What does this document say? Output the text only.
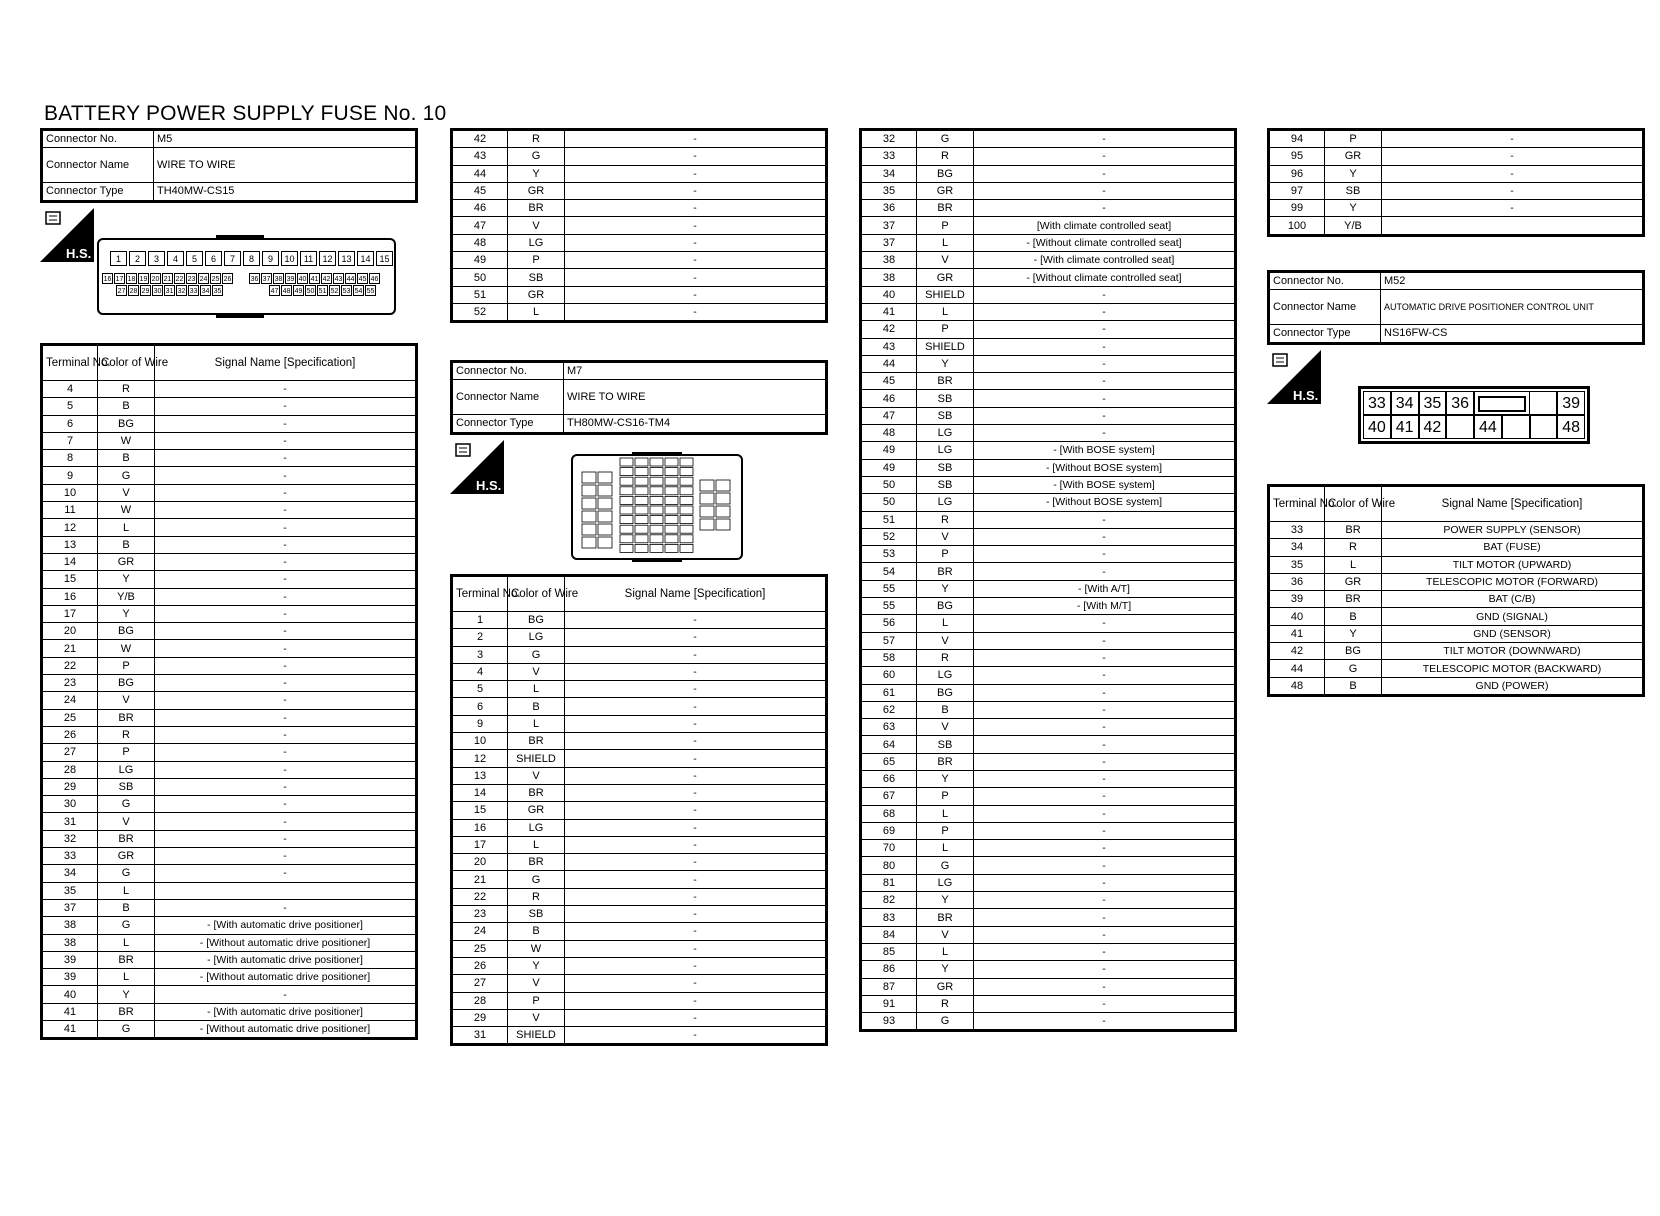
BATTERY POWER SUPPLY FUSE No. 10
Connector No.	M5
Connector Name	WIRE TO WIRE
Connector Type	TH40MW-CS15
H.S.	1	2	3	4	5	6	7	8	9	10	11	12 13 14 15
16 17 18 19 20 21 22 23 24 25 26	36 37 38 39 40 41 42 43 44 45 46
27 28 29 30 31 32 33 34 35	47 48 49 50 51 52 53 54 55
Terminal No.	Color of Wire	Signal Name [Specification]
4	R	-
5	B	-
6	BG	-
7	W	-
8	B	-
9	G	-
10	V	-
11	W	-
12	L	-
13	B	-
14	GR	-
15	Y	-
16	Y/B	-
17	Y	-
20	BG	-
21	W	-
22	P	-
23	BG	-
24	V	-
25	BR	-
26	R	-
27	P	-
28	LG	-
29	SB	-
30	G	-
31	V	-
32	BR	-
33	GR	-
34	G	-
35	L	
37	B	-
38	G	- [With automatic drive positioner]
38	L	- [Without automatic drive positioner]
39	BR	- [With automatic drive positioner]
39	L	- [Without automatic drive positioner]
40	Y	-
41	BR	- [With automatic drive positioner]
41	G	- [Without automatic drive positioner]
42	R	-
43	G	-
44	Y	-
45	GR	-
46	BR	-
47	V	-
48	LG	-
49	P	-
50	SB	-
51	GR	-
52	L	-
Connector No.	M7
Connector Name	WIRE TO WIRE
Connector Type	TH80MW-CS16-TM4
H.S.
Terminal No.	Color of Wire	Signal Name [Specification]
1	BG	-
2	LG	-
3	G	-
4	V	-
5	L	-
6	B	-
9	L	-
10	BR	-
12	SHIELD	-
13	V	-
14	BR	-
15	GR	-
16	LG	-
17	L	-
20	BR	-
21	G	-
22	R	-
23	SB	-
24	B	-
25	W	-
26	Y	-
27	V	-
28	P	-
29	V	-
31	SHIELD	-
32	G	-
33	R	-
34	BG	-
35	GR	-
36	BR	-
37	P	[With climate controlled seat]
37	L	- [Without climate controlled seat]
38	V	- [With climate controlled seat]
38	GR	- [Without climate controlled seat]
40	SHIELD	-
41	L	-
42	P	-
43	SHIELD	-
44	Y	-
45	BR	-
46	SB	-
47	SB	-
48	LG	-
49	LG	- [With BOSE system]
49	SB	- [Without BOSE system]
50	SB	- [With BOSE system]
50	LG	- [Without BOSE system]
51	R	-
52	V	-
53	P	-
54	BR	-
55	Y	- [With A/T]
55	BG	- [With M/T]
56	L	-
57	V	-
58	R	-
60	LG	-
61	BG	-
62	B	-
63	V	-
64	SB	-
65	BR	-
66	Y	-
67	P	-
68	L	-
69	P	-
70	L	-
80	G	-
81	LG	-
82	Y	-
83	BR	-
84	V	-
85	L	-
86	Y	-
87	GR	-
91	R	-
93	G	-
94	P	-
95	GR	-
96	Y	-
97	SB	-
99	Y	-
100	Y/B	
Connector No.	M52
Connector Name	AUTOMATIC DRIVE POSITIONER CONTROL UNIT
Connector Type	NS16FW-CS
H.S.	33 34 35 36	39
40 41 42	44	48
Terminal No.	Color of Wire	Signal Name [Specification]
33	BR	POWER SUPPLY (SENSOR)
34	R	BAT (FUSE)
35	L	TILT MOTOR (UPWARD)
36	GR	TELESCOPIC MOTOR (FORWARD)
39	BR	BAT (C/B)
40	B	GND (SIGNAL)
41	Y	GND (SENSOR)
42	BG	TILT MOTOR (DOWNWARD)
44	G	TELESCOPIC MOTOR (BACKWARD)
48	B	GND (POWER)
